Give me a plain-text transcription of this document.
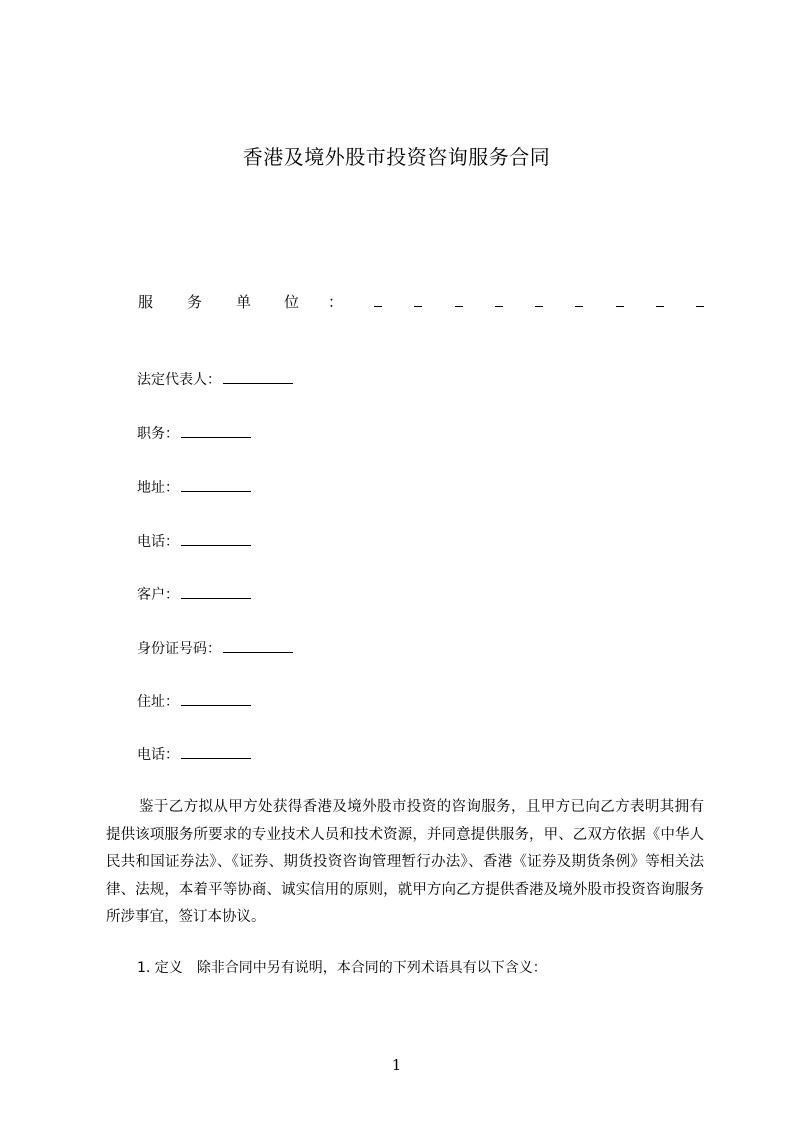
香港及境外股市投资咨询服务合同
服 务 单 位 ：
法定代表人：
职务：
地址：
电话：
客户：
身份证号码：
住址：
电话：
鉴于乙方拟从甲方处获得香港及境外股市投资的咨询服务，且甲方已向乙方表明其拥有提供该项服务所要求的专业技术人员和技术资源，并同意提供服务，甲、乙双方依据《中华人民共和国证券法》、《证券、期货投资咨询管理暂行办法》、香港《证券及期货条例》等相关法律、法规，本着平等协商、诚实信用的原则，就甲方向乙方提供香港及境外股市投资咨询服务所涉事宜，签订本协议。
1. 定义 除非合同中另有说明，本合同的下列术语具有以下含义：
1
